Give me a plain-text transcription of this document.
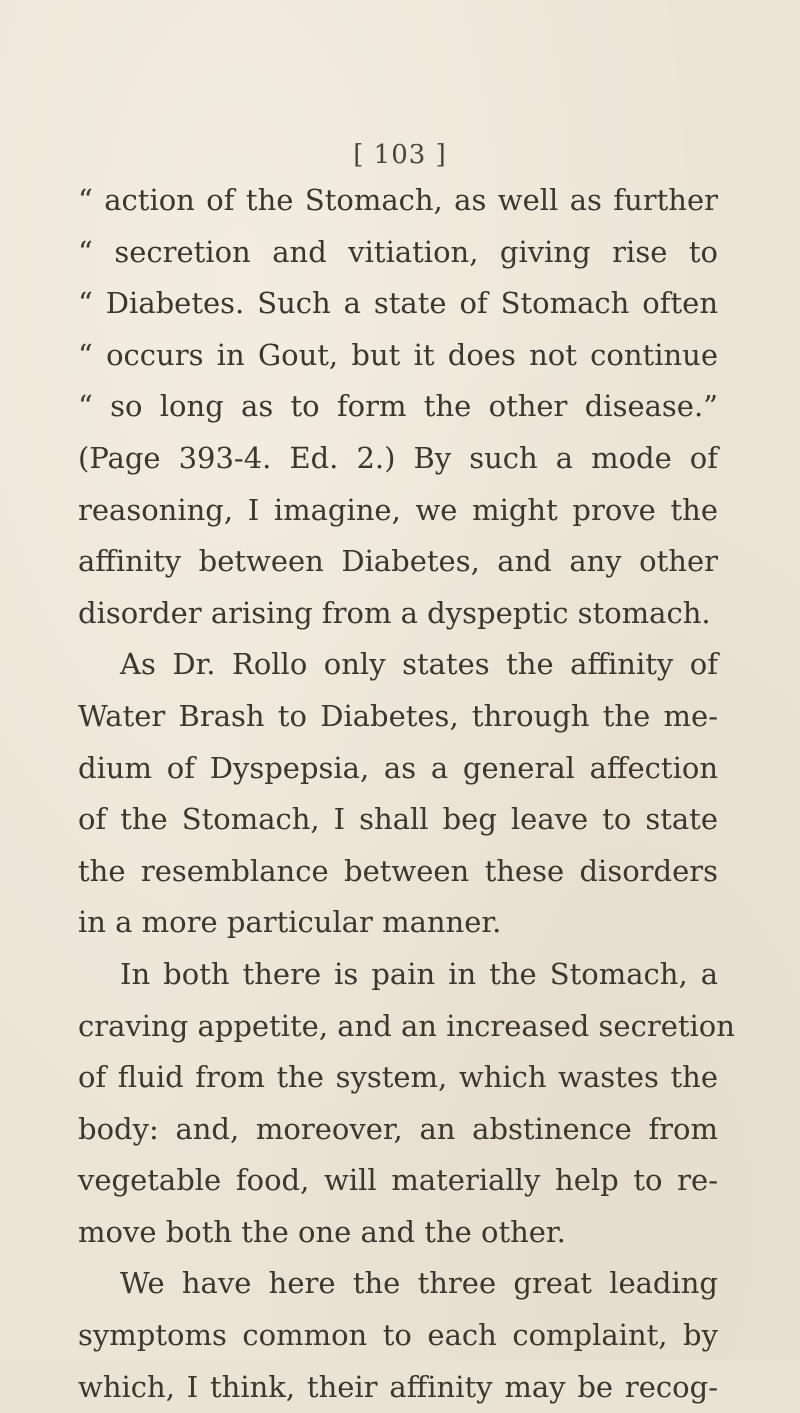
[ 103 ]
“ action of the Stomach, as well as further
“ secretion and vitiation, giving rise to
“ Diabetes. Such a state of Stomach often
“ occurs in Gout, but it does not continue
“ so long as to form the other disease.”
(Page 393-4. Ed. 2.) By such a mode of
reasoning, I imagine, we might prove the
affinity between Diabetes, and any other
disorder arising from a dyspeptic stomach.
As Dr. Rollo only states the affinity of
Water Brash to Diabetes, through the me-
dium of Dyspepsia, as a general affection
of the Stomach, I shall beg leave to state
the resemblance between these disorders
in a more particular manner.
In both there is pain in the Stomach, a
craving appetite, and an increased secretion
of fluid from the system, which wastes the
body: and, moreover, an abstinence from
vegetable food, will materially help to re-
move both the one and the other.
We have here the three great leading
symptoms common to each complaint, by
which, I think, their affinity may be recog-
